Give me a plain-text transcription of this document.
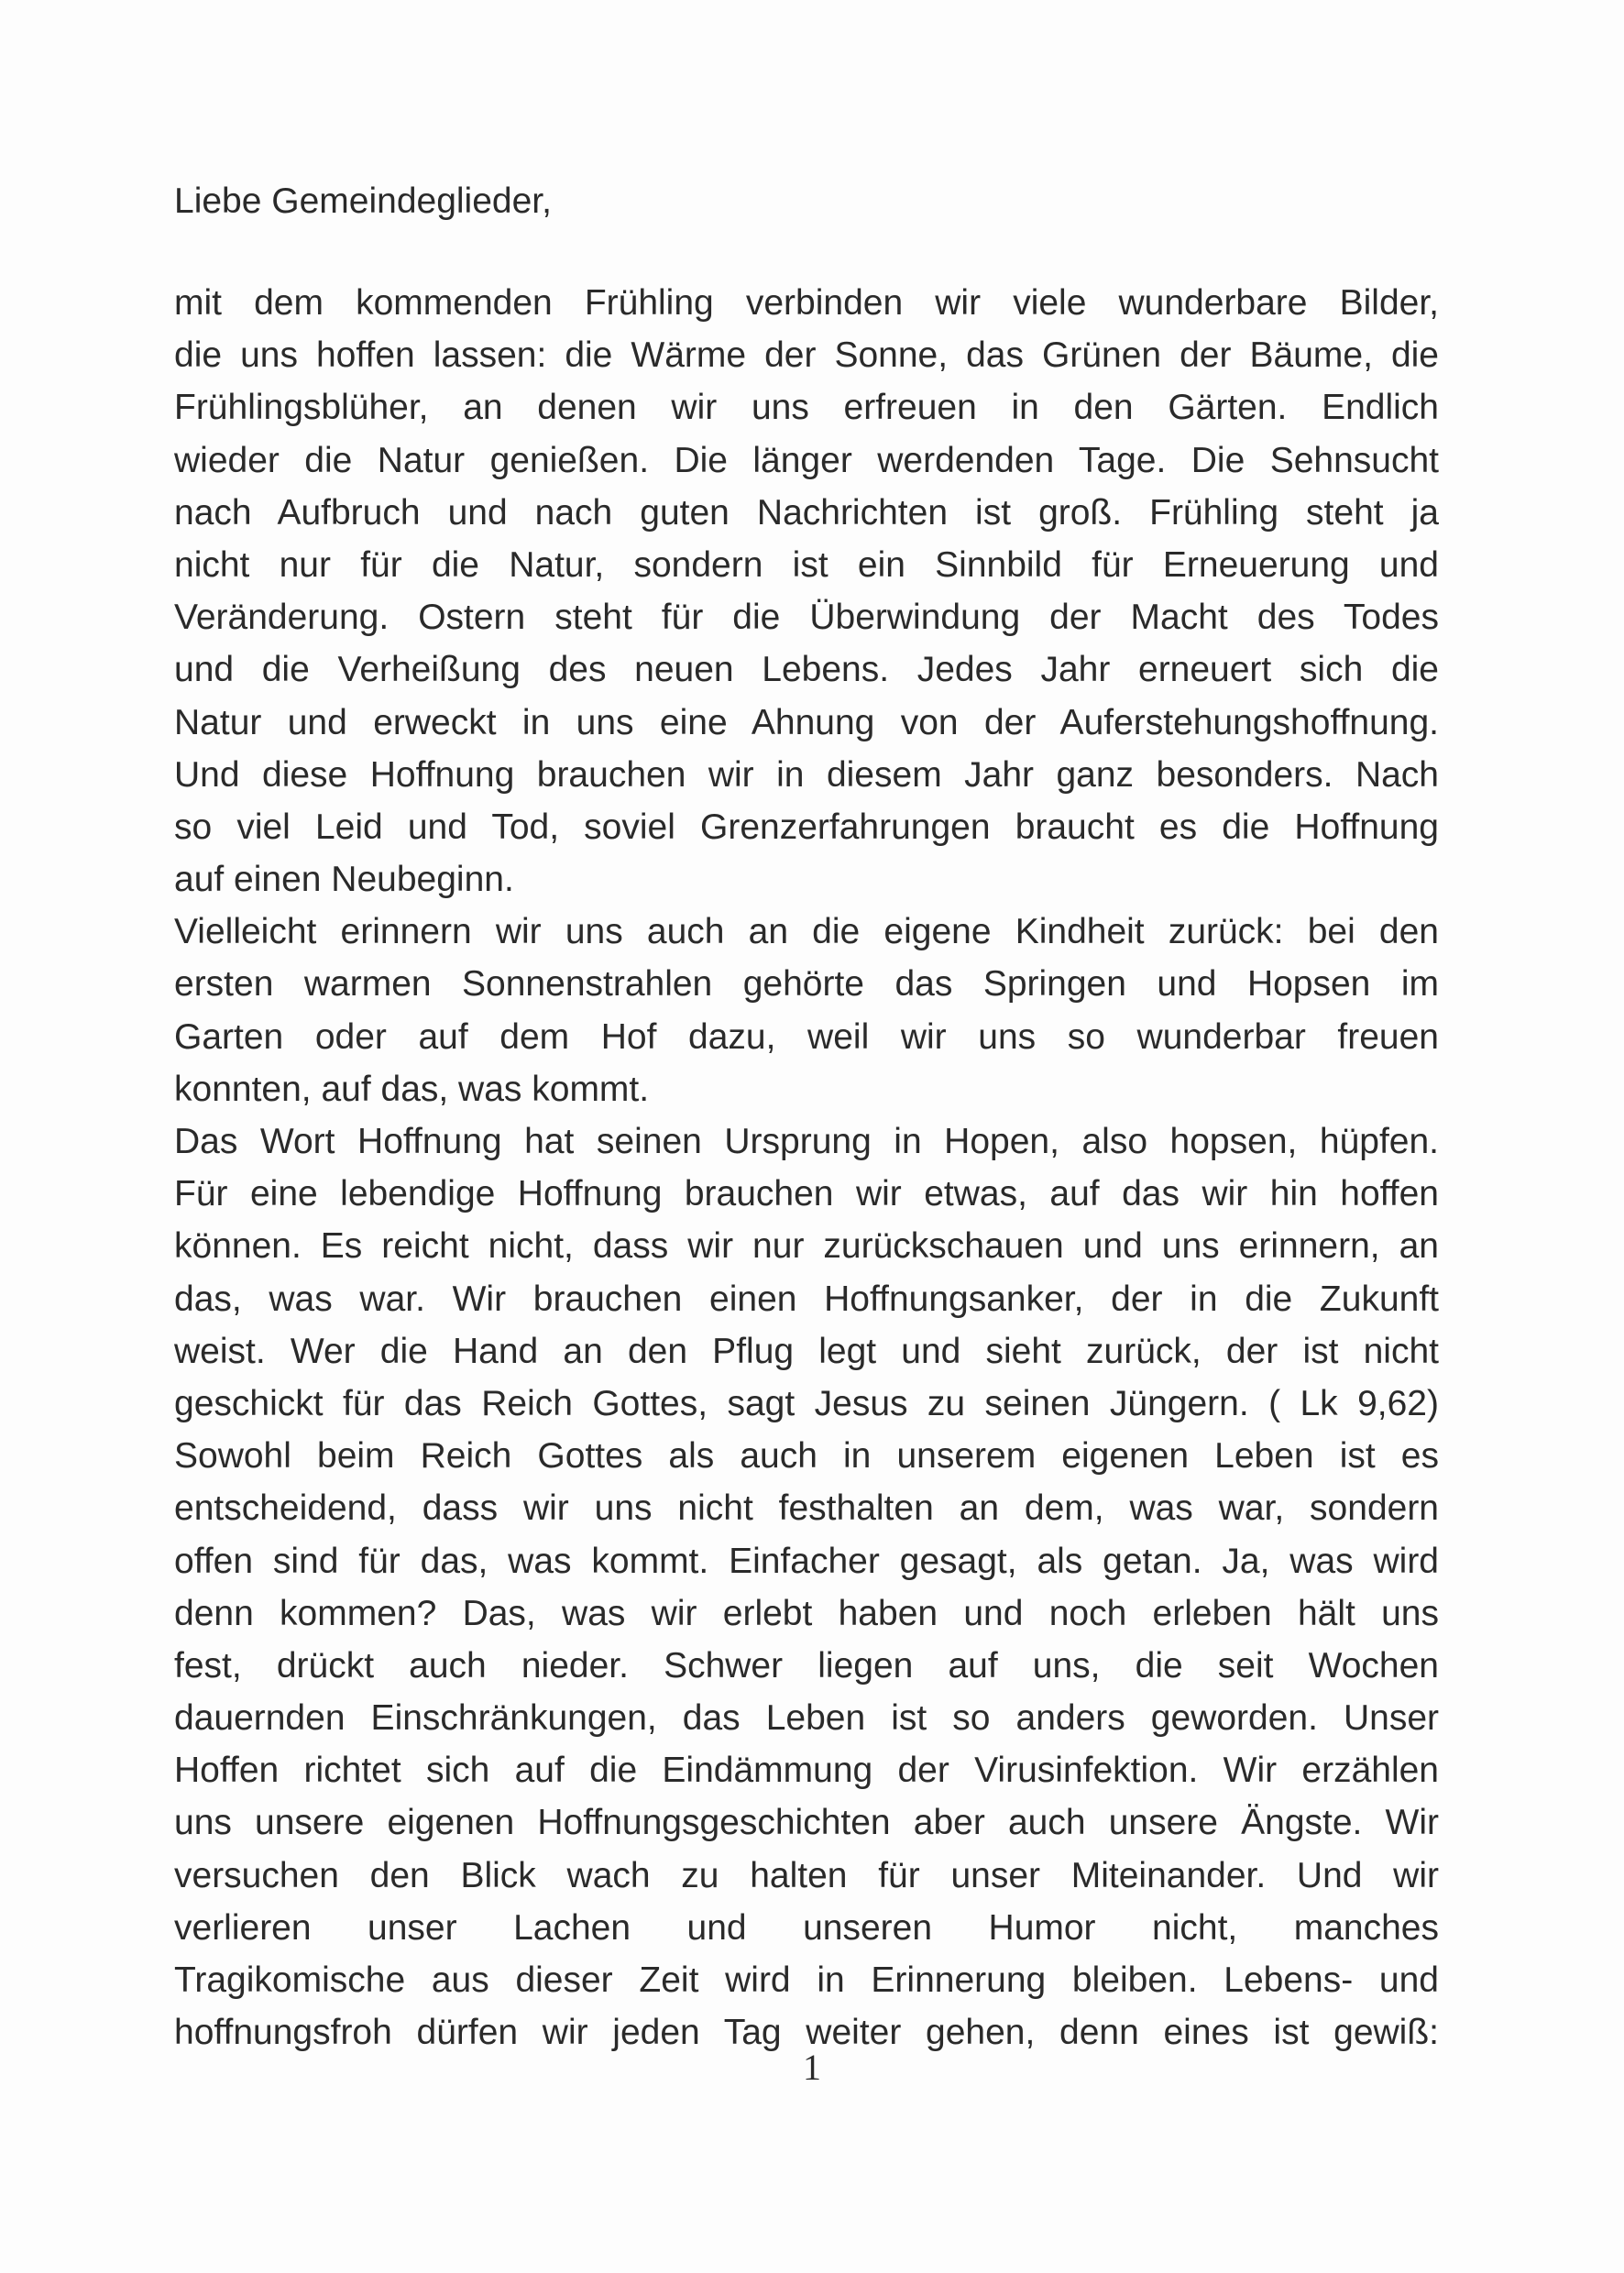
Liebe Gemeindeglieder,
mit dem kommenden Frühling verbinden wir viele wunderbare Bilder,
die uns hoffen lassen: die Wärme der Sonne, das Grünen der Bäume, die
Frühlingsblüher, an denen wir uns erfreuen in den Gärten. Endlich
wieder die Natur genießen. Die länger werdenden Tage. Die Sehnsucht
nach Aufbruch und nach guten Nachrichten ist groß. Frühling steht ja
nicht nur für die Natur, sondern ist ein Sinnbild für Erneuerung und
Veränderung. Ostern steht für die Überwindung der Macht des Todes
und die Verheißung des neuen Lebens. Jedes Jahr erneuert sich die
Natur und erweckt in uns eine Ahnung von der Auferstehungshoffnung.
Und diese Hoffnung brauchen wir in diesem Jahr ganz besonders. Nach
so viel Leid und Tod, soviel Grenzerfahrungen braucht es die Hoffnung
auf einen Neubeginn.
Vielleicht erinnern wir uns auch an die eigene Kindheit zurück: bei den
ersten warmen Sonnenstrahlen gehörte das Springen und Hopsen im
Garten oder auf dem Hof dazu, weil wir uns so wunderbar freuen
konnten, auf das, was kommt.
Das Wort Hoffnung hat seinen Ursprung in Hopen, also hopsen, hüpfen.
Für eine lebendige Hoffnung brauchen wir etwas, auf das wir hin hoffen
können. Es reicht nicht, dass wir nur zurückschauen und uns erinnern, an
das, was war. Wir brauchen einen Hoffnungsanker, der in die Zukunft
weist. Wer die Hand an den Pflug legt und sieht zurück, der ist nicht
geschickt für das Reich Gottes, sagt Jesus zu seinen Jüngern. ( Lk 9,62)
Sowohl beim Reich Gottes als auch in unserem eigenen Leben ist es
entscheidend, dass wir uns nicht festhalten an dem, was war, sondern
offen sind für das, was kommt. Einfacher gesagt, als getan. Ja, was wird
denn kommen? Das, was wir erlebt haben und noch erleben hält uns
fest, drückt auch nieder. Schwer liegen auf uns, die seit Wochen
dauernden Einschränkungen, das Leben ist so anders geworden. Unser
Hoffen richtet sich auf die Eindämmung der Virusinfektion. Wir erzählen
uns unsere eigenen Hoffnungsgeschichten aber auch unsere Ängste. Wir
versuchen den Blick wach zu halten für unser Miteinander. Und wir
verlieren unser Lachen und unseren Humor nicht, manches
Tragikomische aus dieser Zeit wird in Erinnerung bleiben. Lebens- und
hoffnungsfroh dürfen wir jeden Tag weiter gehen, denn eines ist gewiß:
1
